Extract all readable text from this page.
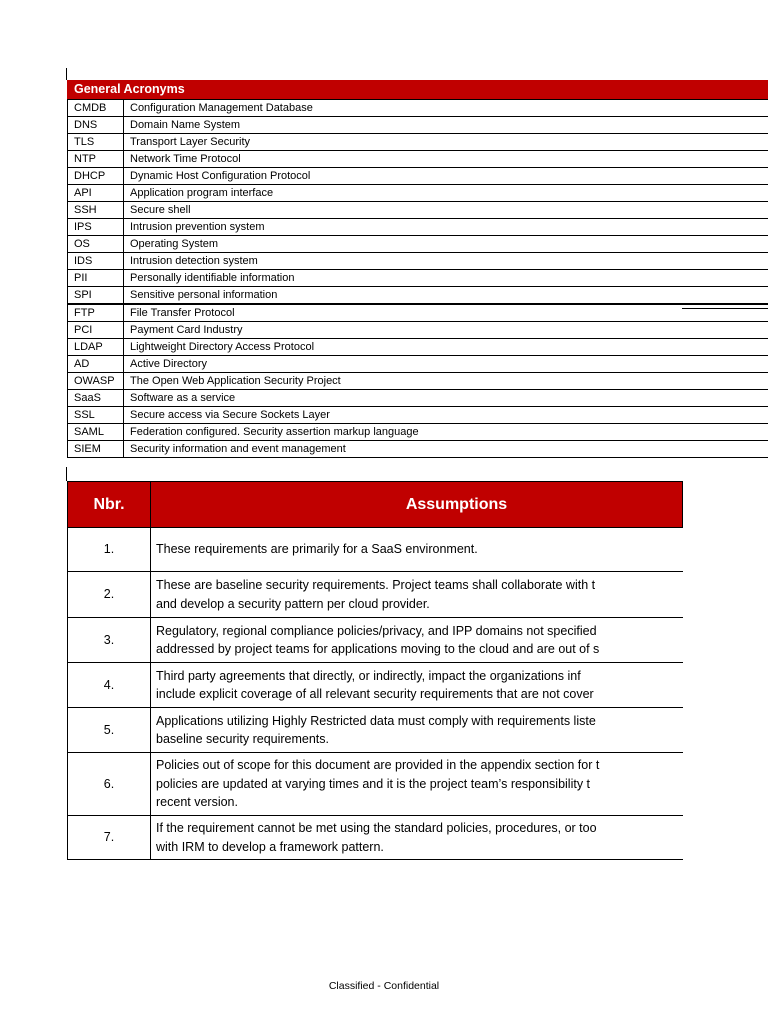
General Acronyms
CMDB	Configuration Management Database
DNS	Domain Name System
TLS	Transport Layer Security
NTP	Network Time Protocol
DHCP	Dynamic Host Configuration Protocol
API	Application program interface
SSH	Secure shell
IPS	Intrusion prevention system
OS	Operating System
IDS	Intrusion detection system
PII	Personally identifiable information
SPI	Sensitive personal information
FTP	File Transfer Protocol
PCI	Payment Card Industry
LDAP	Lightweight Directory Access Protocol
AD	Active Directory
OWASP	The Open Web Application Security Project
SaaS	Software as a service
SSL	Secure access via Secure Sockets Layer
SAML	Federation configured. Security assertion markup language
SIEM	Security information and event management
Nbr.	Assumptions
1.	These requirements are primarily for a SaaS environment.

2.	These are baseline security requirements. Project teams shall collaborate with t
and develop a security pattern per cloud provider.

3.	Regulatory, regional compliance policies/privacy, and IPP domains not specified
addressed by project teams for applications moving to the cloud and are out of s

4.	Third party agreements that directly, or indirectly, impact the organizations inf
include explicit coverage of all relevant security requirements that are not cover

5.	Applications utilizing Highly Restricted data must comply with requirements liste
baseline security requirements.

6.	Policies out of scope for this document are provided in the appendix section for t
policies are updated at varying times and it is the project team’s responsibility t
recent version.

7.	If the requirement cannot be met using the standard policies, procedures, or too
with IRM to develop a framework pattern.
Classified - Confidential
